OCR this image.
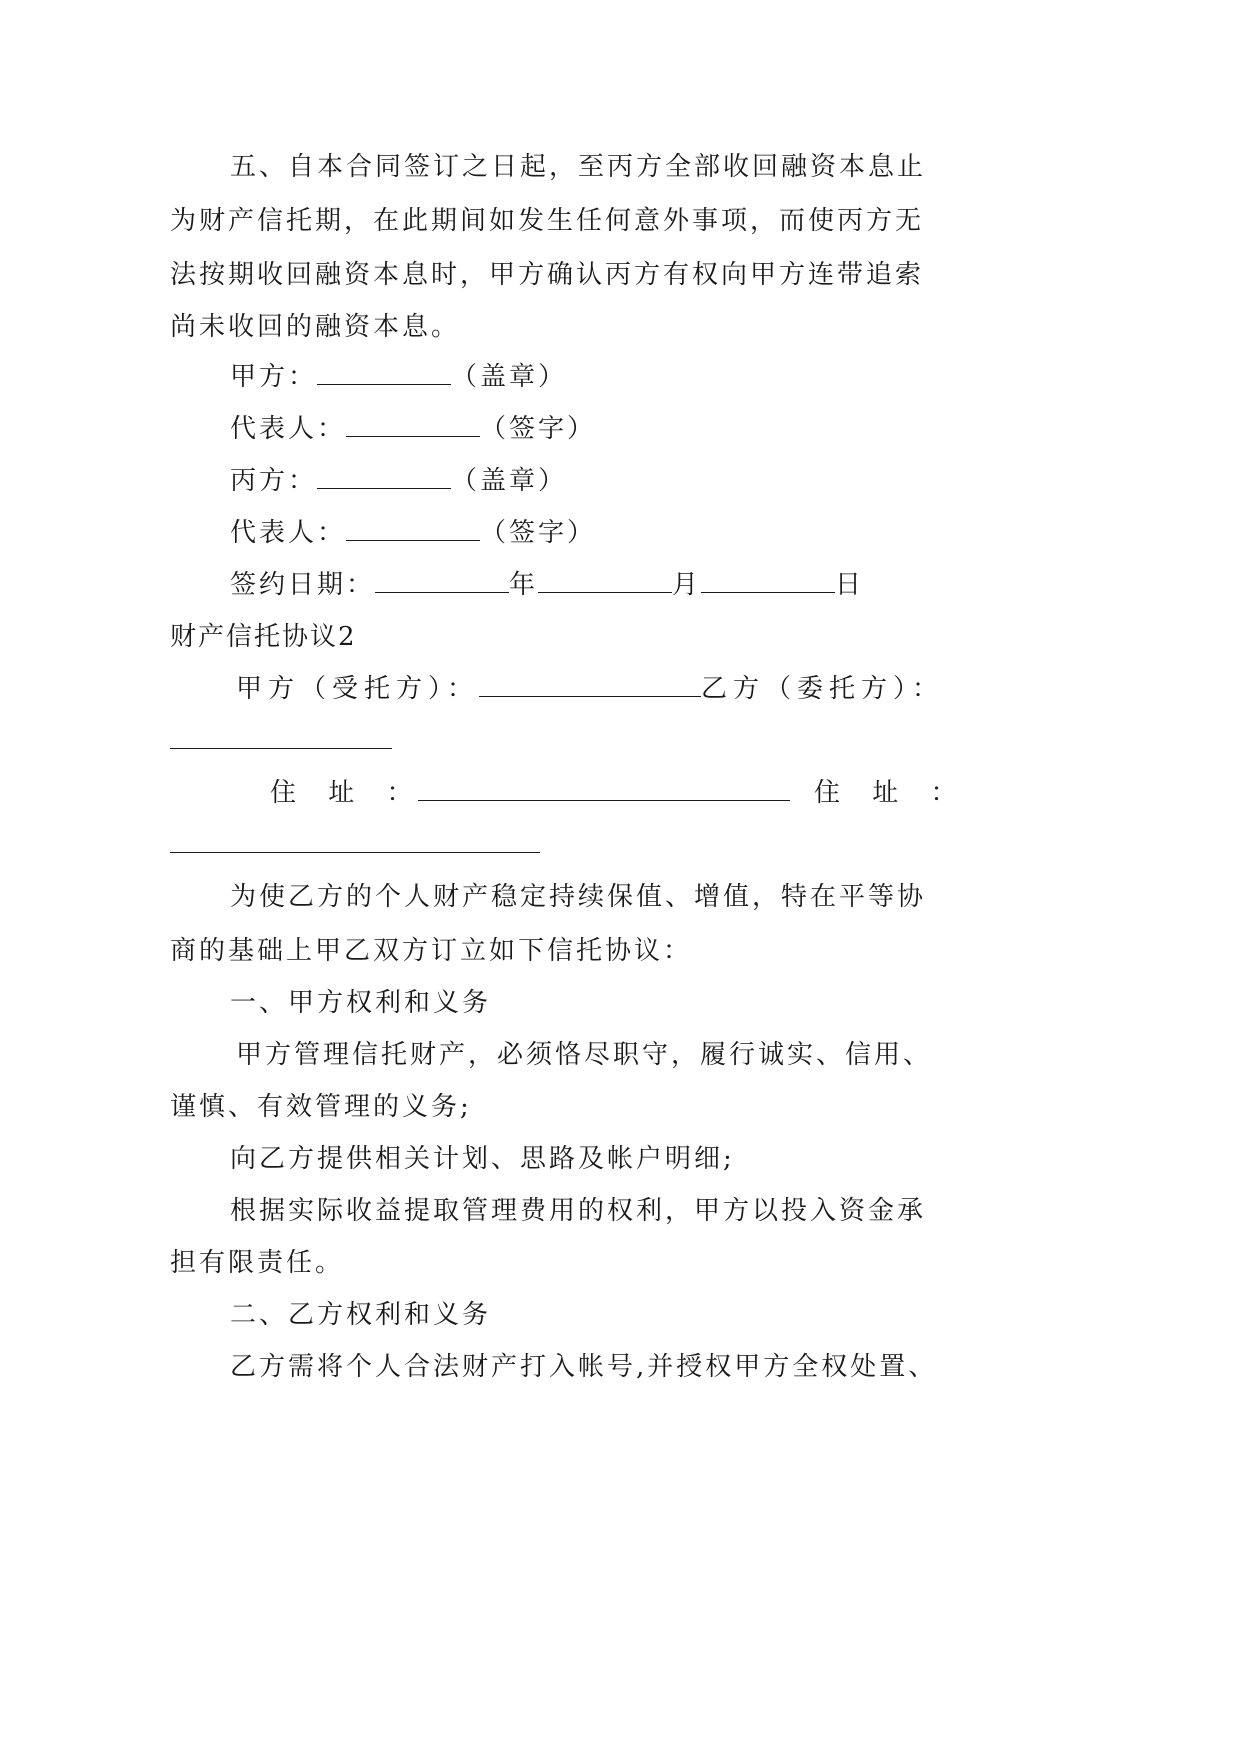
五、自本合同签订之日起，至丙方全部收回融资本息止
为财产信托期，在此期间如发生任何意外事项，而使丙方无
法按期收回融资本息时，甲方确认丙方有权向甲方连带追索
尚未收回的融资本息。
甲方：	（盖章）
代表人：	（签字）
丙方：	（盖章）
代表人：	（签字）
签约日期：	年	月	日
财产信托协议2
甲方（受托方）：	乙方（委托方）：
住 址 ：	住 址 ：
为使乙方的个人财产稳定持续保值、增值，特在平等协
商的基础上甲乙双方订立如下信托协议：
一、甲方权利和义务
甲方管理信托财产，必须恪尽职守，履行诚实、信用、
谨慎、有效管理的义务;
向乙方提供相关计划、思路及帐户明细;
根据实际收益提取管理费用的权利，甲方以投入资金承
担有限责任。
二、乙方权利和义务
乙方需将个人合法财产打入帐号,并授权甲方全权处置、
